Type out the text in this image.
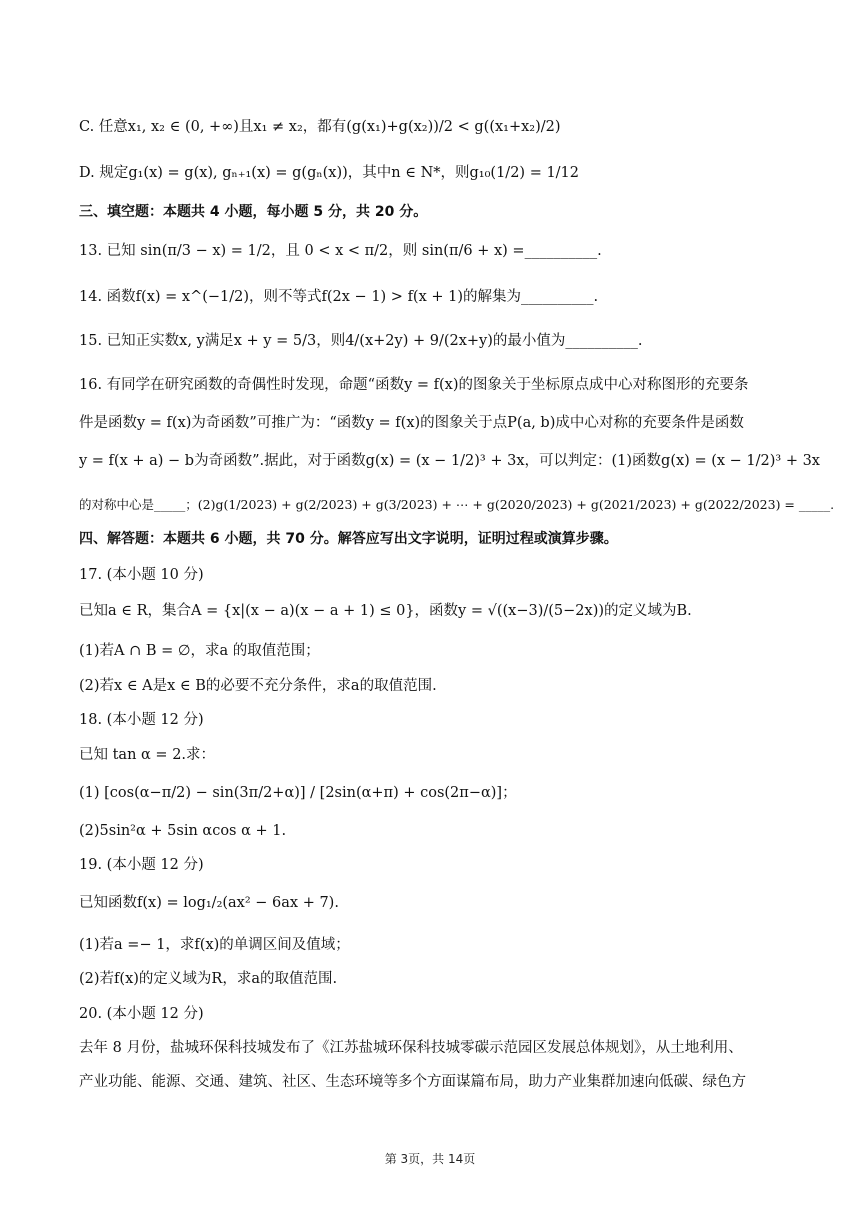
C. 任意x₁, x₂ ∈ (0, +∞)且x₁ ≠ x₂，都有(g(x₁)+g(x₂))/2 < g((x₁+x₂)/2)
D. 规定g₁(x) = g(x), gₙ₊₁(x) = g(gₙ(x))，其中n ∈ N*，则g₁₀(1/2) = 1/12
三、填空题：本题共 4 小题，每小题 5 分，共 20 分。
13. 已知 sin(π/3 − x) = 1/2，且 0 < x < π/2，则 sin(π/6 + x) =__________.
14. 函数f(x) = x^(−1/2)，则不等式f(2x − 1) > f(x + 1)的解集为__________.
15. 已知正实数x, y满足x + y = 5/3，则4/(x+2y) + 9/(2x+y)的最小值为__________.
16. 有同学在研究函数的奇偶性时发现，命题“函数y = f(x)的图象关于坐标原点成中心对称图形的充要条
件是函数y = f(x)为奇函数”可推广为：“函数y = f(x)的图象关于点P(a, b)成中心对称的充要条件是函数
y = f(x + a) − b为奇函数”.据此，对于函数g(x) = (x − 1/2)³ + 3x，可以判定：(1)函数g(x) = (x − 1/2)³ + 3x
的对称中心是_____；(2)g(1/2023) + g(2/2023) + g(3/2023) + ⋯ + g(2020/2023) + g(2021/2023) + g(2022/2023) = _____.
四、解答题：本题共 6 小题，共 70 分。解答应写出文字说明，证明过程或演算步骤。
17. (本小题 10 分)
已知a ∈ R，集合A = {x|(x − a)(x − a + 1) ≤ 0}，函数y = √((x−3)/(5−2x))的定义域为B.
(1)若A ∩ B = ∅，求a 的取值范围；
(2)若x ∈ A是x ∈ B的必要不充分条件，求a的取值范围.
18. (本小题 12 分)
已知 tan α = 2.求：
(1) [cos(α−π/2) − sin(3π/2+α)] / [2sin(α+π) + cos(2π−α)]；
(2)5sin²α + 5sin αcos α + 1.
19. (本小题 12 分)
已知函数f(x) = log₁/₂(ax² − 6ax + 7).
(1)若a =− 1，求f(x)的单调区间及值域；
(2)若f(x)的定义域为R，求a的取值范围.
20. (本小题 12 分)
去年 8 月份，盐城环保科技城发布了《江苏盐城环保科技城零碳示范园区发展总体规划》，从土地利用、
产业功能、能源、交通、建筑、社区、生态环境等多个方面谋篇布局，助力产业集群加速向低碳、绿色方
第 3页，共 14页
